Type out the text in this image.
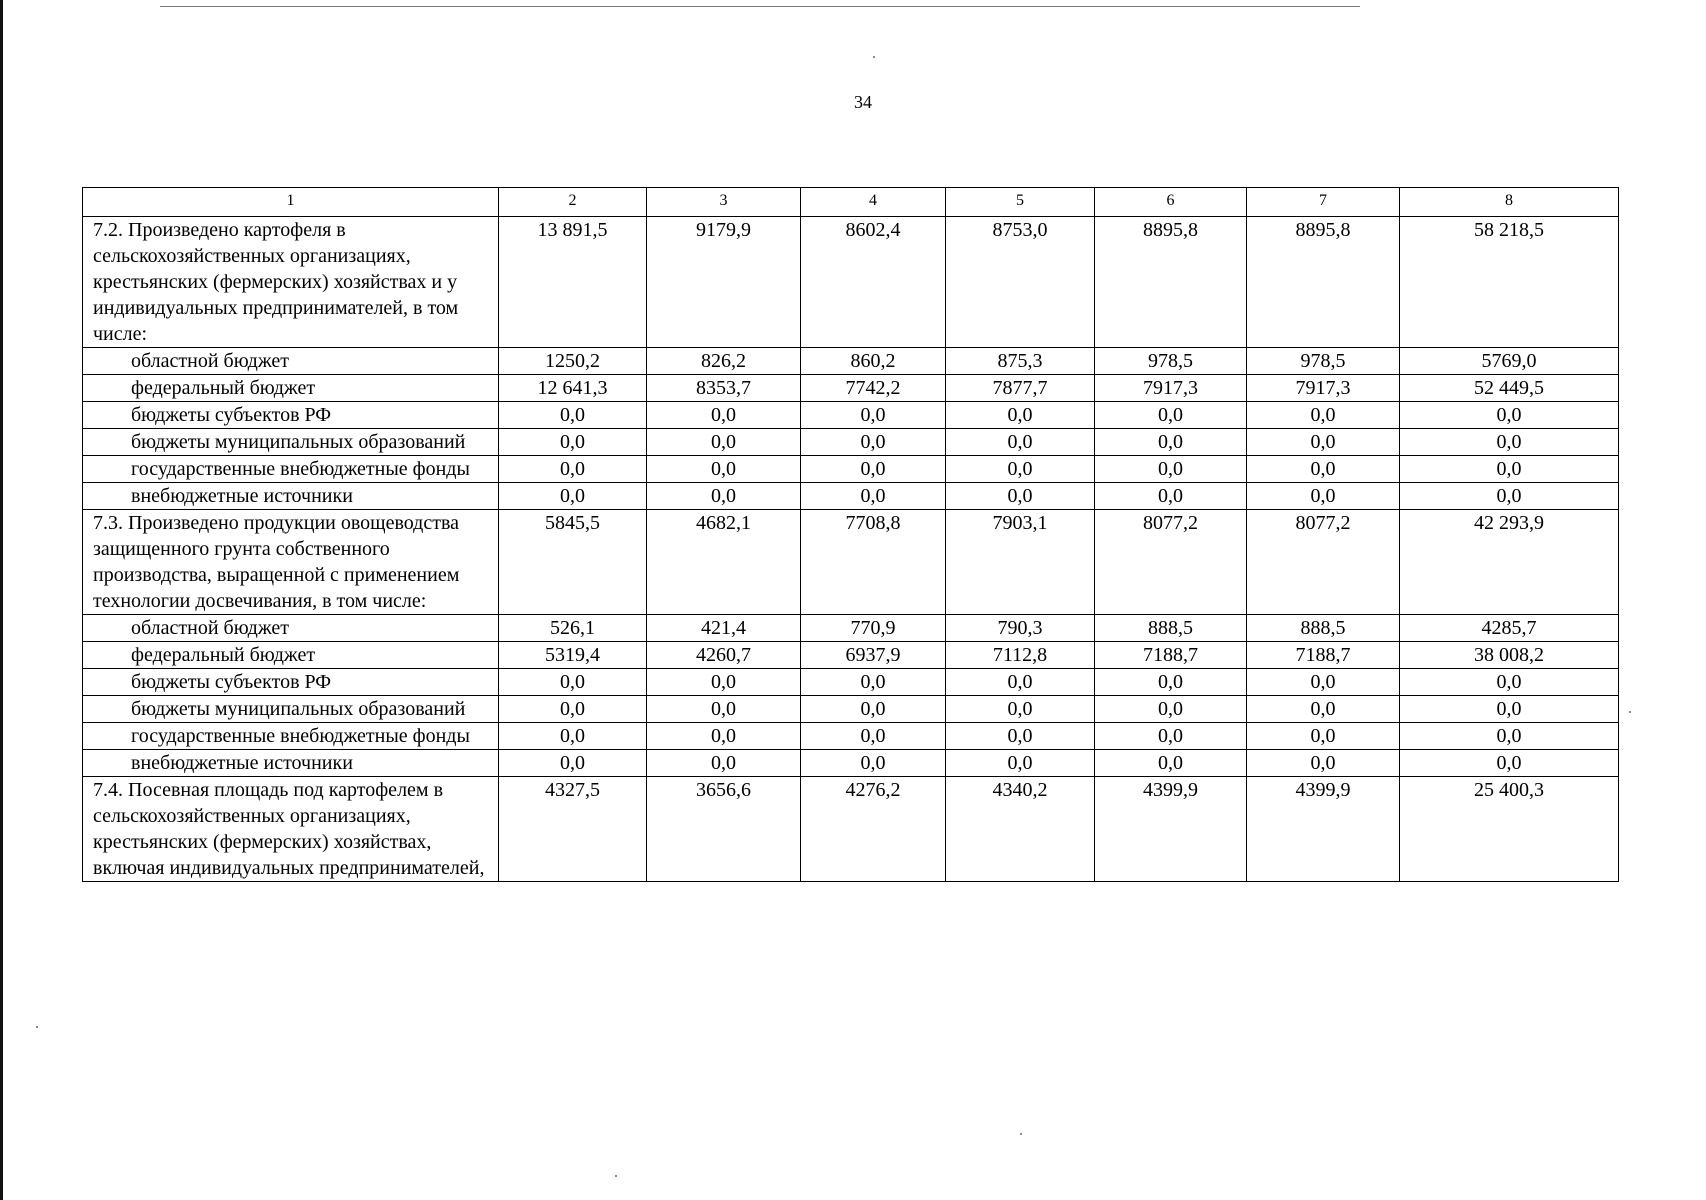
34
1	2	3	4	5	6	7	8
7.2. Произведено картофеля в сельскохозяйственных организациях, крестьянских (фермерских) хозяйствах и у индивидуальных предпринимателей, в том числе:	13 891,5	9179,9	8602,4	8753,0	8895,8	8895,8	58 218,5
областной бюджет	1250,2	826,2	860,2	875,3	978,5	978,5	5769,0
федеральный бюджет	12 641,3	8353,7	7742,2	7877,7	7917,3	7917,3	52 449,5
бюджеты субъектов РФ	0,0	0,0	0,0	0,0	0,0	0,0	0,0
бюджеты муниципальных образований	0,0	0,0	0,0	0,0	0,0	0,0	0,0
государственные внебюджетные фонды	0,0	0,0	0,0	0,0	0,0	0,0	0,0
внебюджетные источники	0,0	0,0	0,0	0,0	0,0	0,0	0,0
7.3. Произведено продукции овощеводства защищенного грунта собственного производства, выращенной с применением технологии досвечивания, в том числе:	5845,5	4682,1	7708,8	7903,1	8077,2	8077,2	42 293,9
областной бюджет	526,1	421,4	770,9	790,3	888,5	888,5	4285,7
федеральный бюджет	5319,4	4260,7	6937,9	7112,8	7188,7	7188,7	38 008,2
бюджеты субъектов РФ	0,0	0,0	0,0	0,0	0,0	0,0	0,0
бюджеты муниципальных образований	0,0	0,0	0,0	0,0	0,0	0,0	0,0
государственные внебюджетные фонды	0,0	0,0	0,0	0,0	0,0	0,0	0,0
внебюджетные источники	0,0	0,0	0,0	0,0	0,0	0,0	0,0
7.4. Посевная площадь под картофелем в сельскохозяйственных организациях, крестьянских (фермерских) хозяйствах, включая индивидуальных предпринимателей,	4327,5	3656,6	4276,2	4340,2	4399,9	4399,9	25 400,3
